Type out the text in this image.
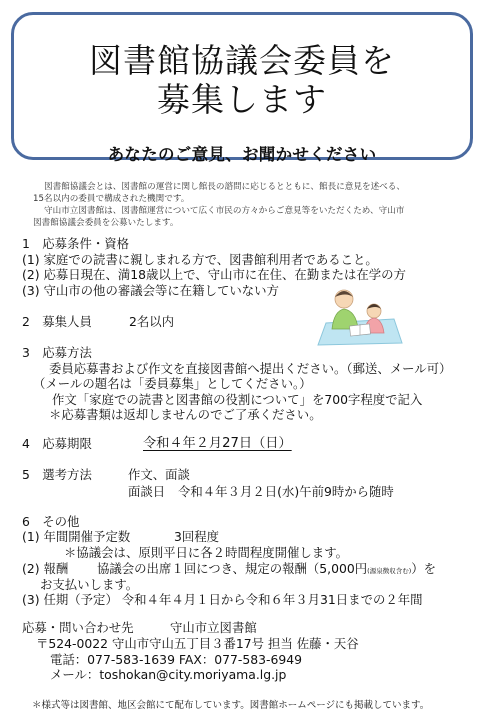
図書館協議会委員を
募集します
あなたのご意見、お聞かせください
図書館協議会とは、図書館の運営に関し館長の諮問に応じるとともに、館長に意見を述べる、
15名以内の委員で構成された機関です。
守山市立図書館は、図書館運営について広く市民の方々からご意見等をいただくため、守山市
図書館協議会委員を公募いたします。
1　応募条件・資格
(1) 家庭での読書に親しまれる方で、図書館利用者であること。
(2) 応募日現在、満18歳以上で、守山市に在住、在勤または在学の方
(3) 守山市の他の審議会等に在籍していない方
2　募集人員	2名以内
3　応募方法
委員応募書および作文を直接図書館へ提出ください。（郵送、メール可）
（メールの題名は「委員募集」としてください。）
作文「家庭での読書と図書館の役割について」を700字程度で記入
＊応募書類は返却しませんのでご了承ください。
4　応募期限	令和４年２月27日（日）
5　選考方法	作文、面談
面談日 令和４年３月２日(水)午前9時から随時
6　その他
(1) 年間開催予定数	3回程度
＊協議会は、原則平日に各２時間程度開催します。
(2) 報酬 協議会の出席１回につき、規定の報酬（5,000円(源泉徴収含む)）を
お支払いします。
(3) 任期（予定） 令和４年４月１日から令和６年３月31日までの２年間
応募・問い合わせ先	守山市立図書館
〒524-0022 守山市守山五丁目３番17号 担当 佐藤・天谷
電話：077-583-1639 FAX：077-583-6949
メール：toshokan@city.moriyama.lg.jp
＊様式等は図書館、地区会館にて配布しています。図書館ホームページにも掲載しています。
